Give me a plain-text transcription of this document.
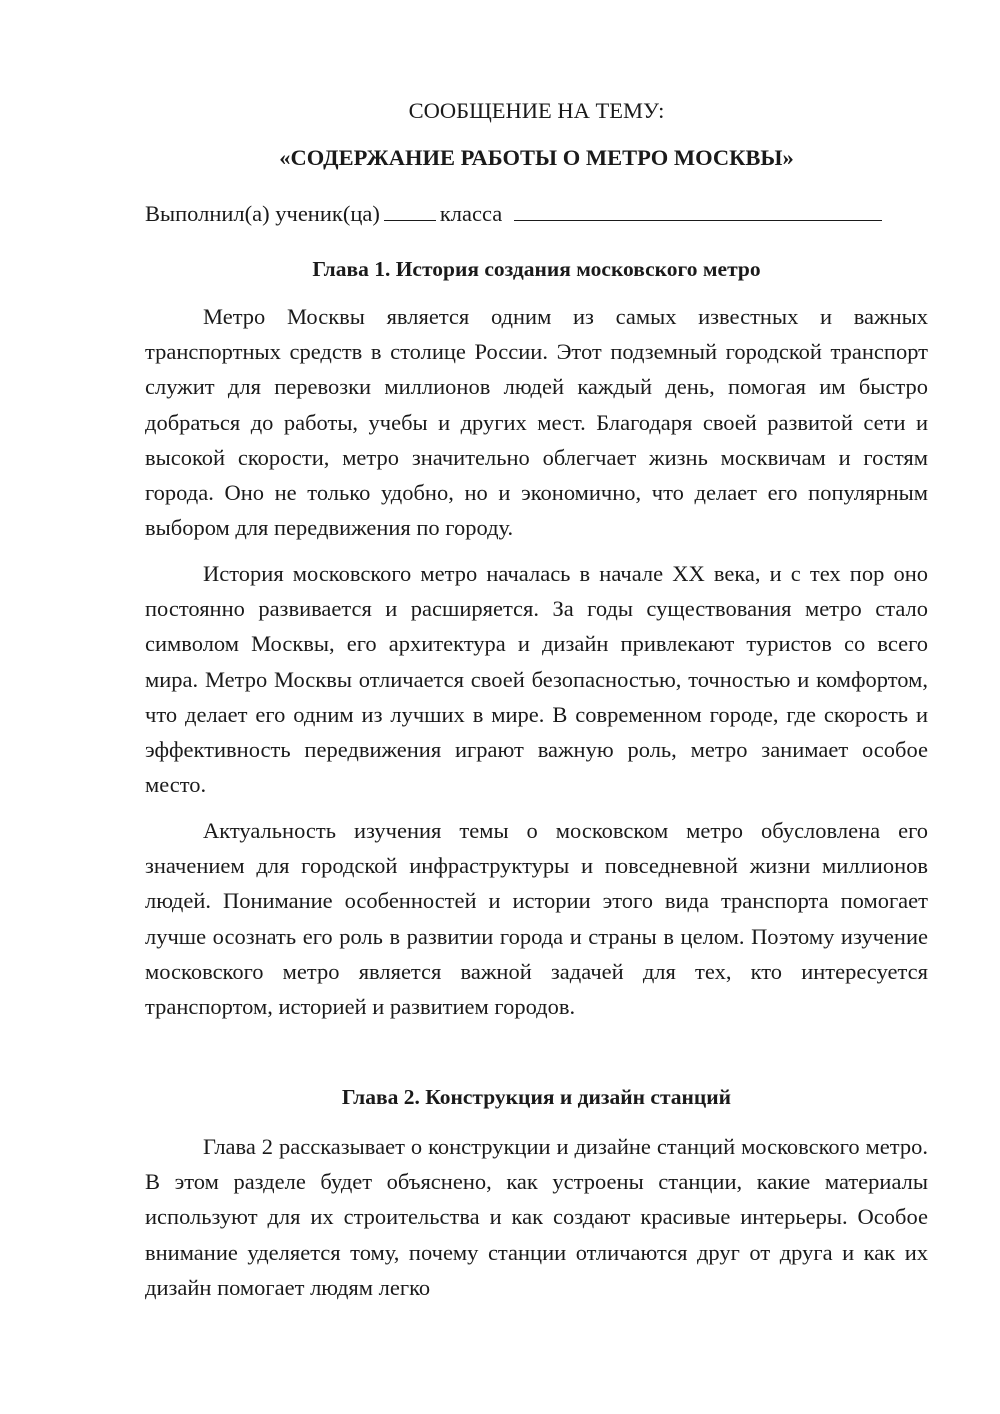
СООБЩЕНИЕ НА ТЕМУ:
«СОДЕРЖАНИЕ РАБОТЫ О МЕТРО МОСКВЫ»
Выполнил(а) ученик(ца)	класса
Глава 1. История создания московского метро

Метро Москвы является одним из самых известных и важных транспортных средств в столице России. Этот подземный городской транспорт служит для перевозки миллионов людей каждый день, помогая им быстро добраться до работы, учебы и других мест. Благодаря своей развитой сети и высокой скорости, метро значительно облегчает жизнь москвичам и гостям города. Оно не только удобно, но и экономично, что делает его популярным выбором для передвижения по городу.

История московского метро началась в начале XX века, и с тех пор оно постоянно развивается и расширяется. За годы существования метро стало символом Москвы, его архитектура и дизайн привлекают туристов со всего мира. Метро Москвы отличается своей безопасностью, точностью и комфортом, что делает его одним из лучших в мире. В современном городе, где скорость и эффективность передвижения играют важную роль, метро занимает особое место.

Актуальность изучения темы о московском метро обусловлена его значением для городской инфраструктуры и повседневной жизни миллионов людей. Понимание особенностей и истории этого вида транспорта помогает лучше осознать его роль в развитии города и страны в целом. Поэтому изучение московского метро является важной задачей для тех, кто интересуется транспортом, историей и развитием городов.

Глава 2. Конструкция и дизайн станций

Глава 2 рассказывает о конструкции и дизайне станций московского метро. В этом разделе будет объяснено, как устроены станции, какие материалы используют для их строительства и как создают красивые интерьеры. Особое внимание уделяется тому, почему станции отличаются друг от друга и как их дизайн помогает людям легко
